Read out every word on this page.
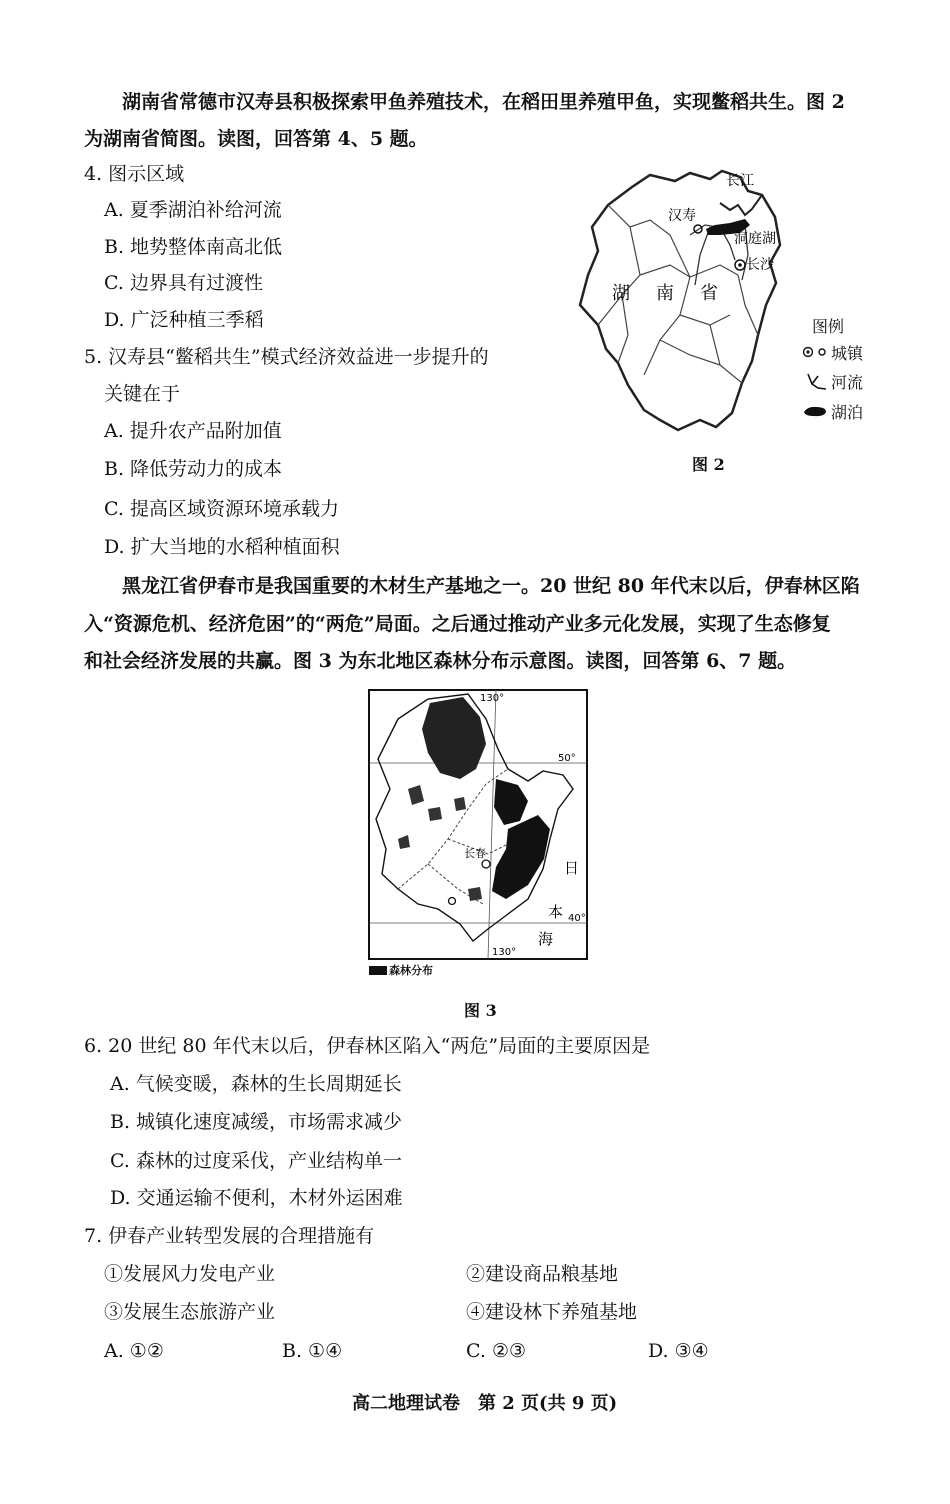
湖南省常德市汉寿县积极探索甲鱼养殖技术，在稻田里养殖甲鱼，实现鳖稻共生。图 2
为湖南省简图。读图，回答第 4、5 题。
4. 图示区域
A. 夏季湖泊补给河流
B. 地势整体南高北低
C. 边界具有过渡性
D. 广泛种植三季稻
5. 汉寿县“鳖稻共生”模式经济效益进一步提升的
关键在于
A. 提升农产品附加值
B. 降低劳动力的成本
C. 提高区域资源环境承载力
D. 扩大当地的水稻种植面积
长江
汉寿
洞庭湖
长沙
湖 南 省
图例
城镇
河流
湖泊
图 2
黑龙江省伊春市是我国重要的木材生产基地之一。20 世纪 80 年代末以后，伊春林区陷
入“资源危机、经济危困”的“两危”局面。之后通过推动产业多元化发展，实现了生态修复
和社会经济发展的共赢。图 3 为东北地区森林分布示意图。读图，回答第 6、7 题。
130°
50°
40°
130°
长春
日
本
海
森林分布
图 3
6. 20 世纪 80 年代末以后，伊春林区陷入“两危”局面的主要原因是
A. 气候变暖，森林的生长周期延长
B. 城镇化速度减缓，市场需求减少
C. 森林的过度采伐，产业结构单一
D. 交通运输不便利，木材外运困难
7. 伊春产业转型发展的合理措施有
①发展风力发电产业	②建设商品粮基地
③发展生态旅游产业	④建设林下养殖基地
A. ①②	B. ①④	C. ②③	D. ③④
高二地理试卷　第 2 页(共 9 页)
